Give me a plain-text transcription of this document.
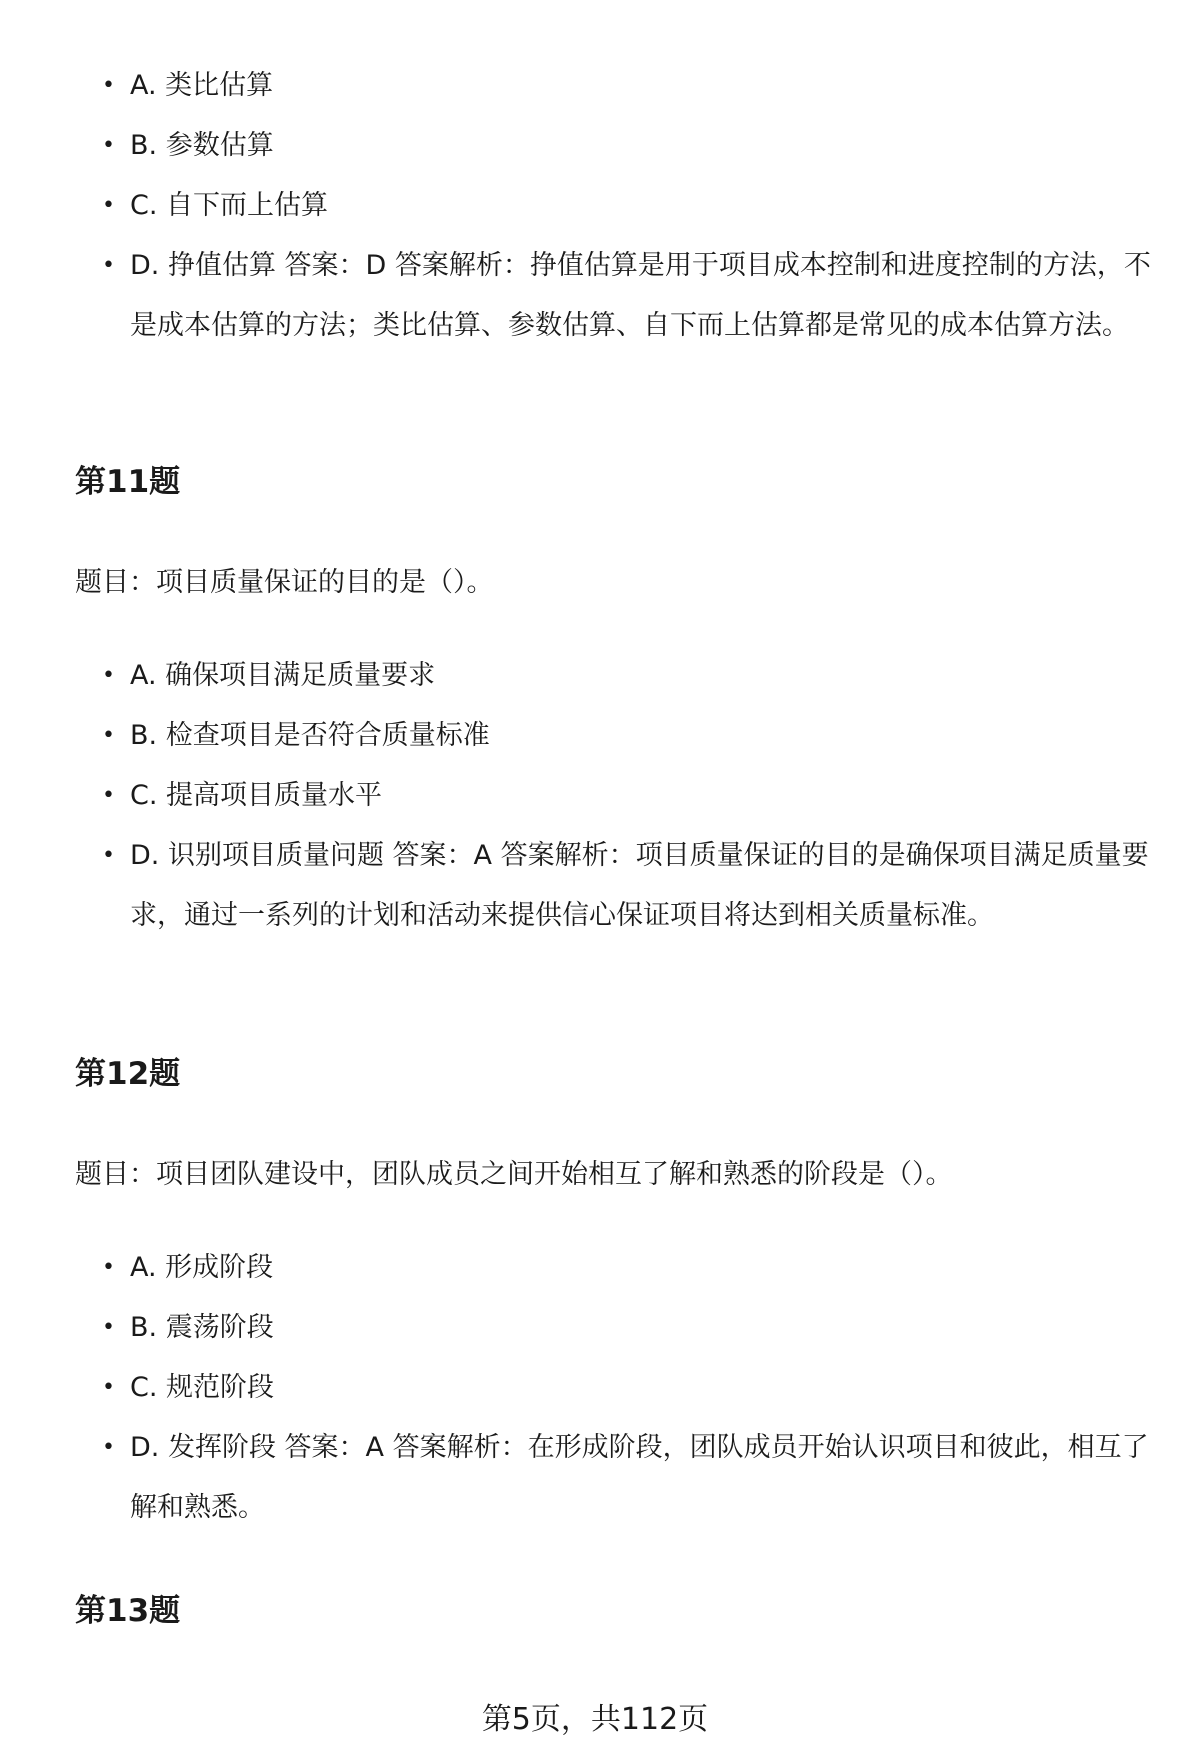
• A. 类比估算
• B. 参数估算
• C. 自下而上估算
• D. 挣值估算 答案：D 答案解析：挣值估算是用于项目成本控制和进度控制的方法，不是成本估算的方法；类比估算、参数估算、自下而上估算都是常见的成本估算方法。
第11题

题目：项目质量保证的目的是（）。

• A. 确保项目满足质量要求
• B. 检查项目是否符合质量标准
• C. 提高项目质量水平
• D. 识别项目质量问题 答案：A 答案解析：项目质量保证的目的是确保项目满足质量要求，通过一系列的计划和活动来提供信心保证项目将达到相关质量标准。
第12题

题目：项目团队建设中，团队成员之间开始相互了解和熟悉的阶段是（）。

• A. 形成阶段
• B. 震荡阶段
• C. 规范阶段
• D. 发挥阶段 答案：A 答案解析：在形成阶段，团队成员开始认识项目和彼此，相互了解和熟悉。
第13题
第5页，共112页
